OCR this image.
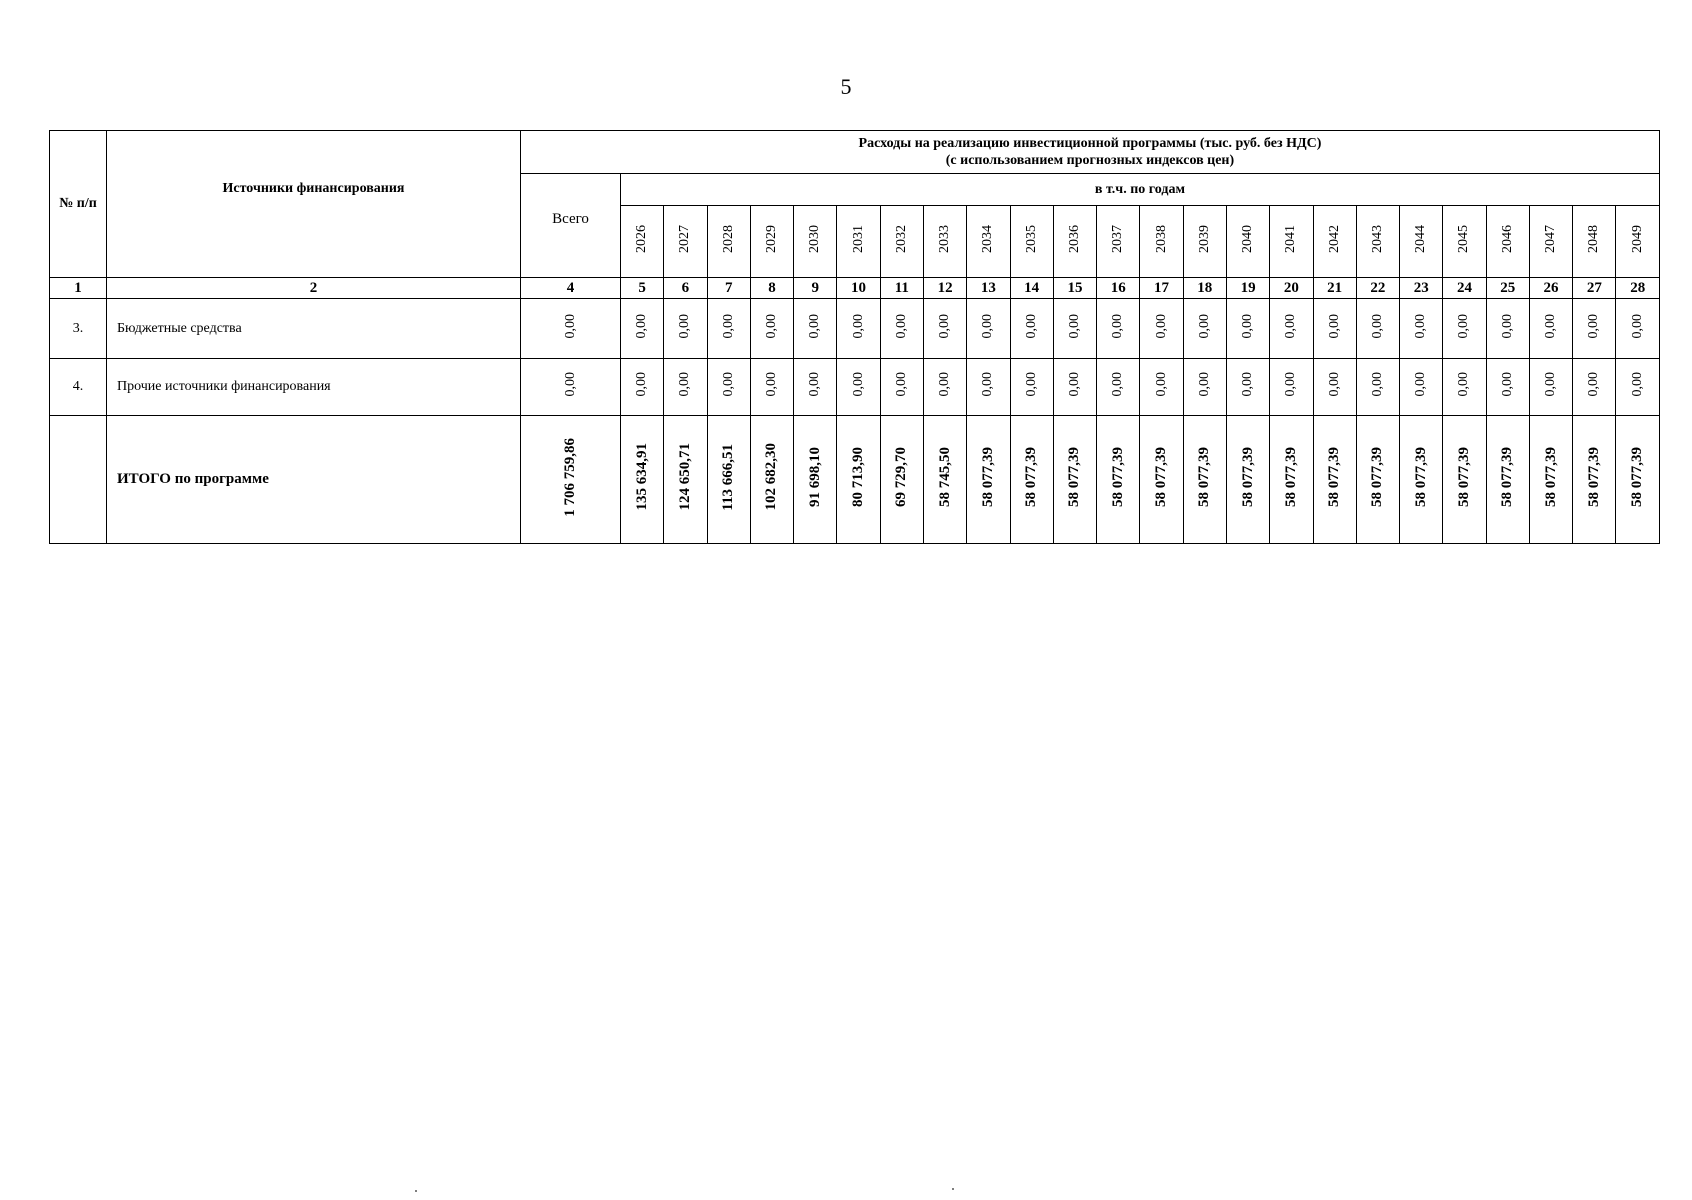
5
№ п/п	Источники финансирования	Расходы на реализацию инвестиционной программы (тыс. руб. без НДС)
(с использованием прогнозных индексов цен)																								

		Всего	в т.ч. по годам																							
			2026	2027	2028	2029	2030	2031	2032	2033	2034	2035	2036	2037	2038	2039	2040	2041	2042	2043	2044	2045	2046	2047	2048	2049
1	2	4	5	6	7	8	9	10	11	12	13	14	15	16	17	18	19	20	21	22	23	24	25	26	27	28
3.	Бюджетные средства	0,00	0,00	0,00	0,00	0,00	0,00	0,00	0,00	0,00	0,00	0,00	0,00	0,00	0,00	0,00	0,00	0,00	0,00	0,00	0,00	0,00	0,00	0,00	0,00	0,00
4.	Прочие источники финансирования	0,00	0,00	0,00	0,00	0,00	0,00	0,00	0,00	0,00	0,00	0,00	0,00	0,00	0,00	0,00	0,00	0,00	0,00	0,00	0,00	0,00	0,00	0,00	0,00	0,00
	ИТОГО по программе	1 706 759,86	135 634,91	124 650,71	113 666,51	102 682,30	91 698,10	80 713,90	69 729,70	58 745,50	58 077,39	58 077,39	58 077,39	58 077,39	58 077,39	58 077,39	58 077,39	58 077,39	58 077,39	58 077,39	58 077,39	58 077,39	58 077,39	58 077,39	58 077,39	58 077,39
